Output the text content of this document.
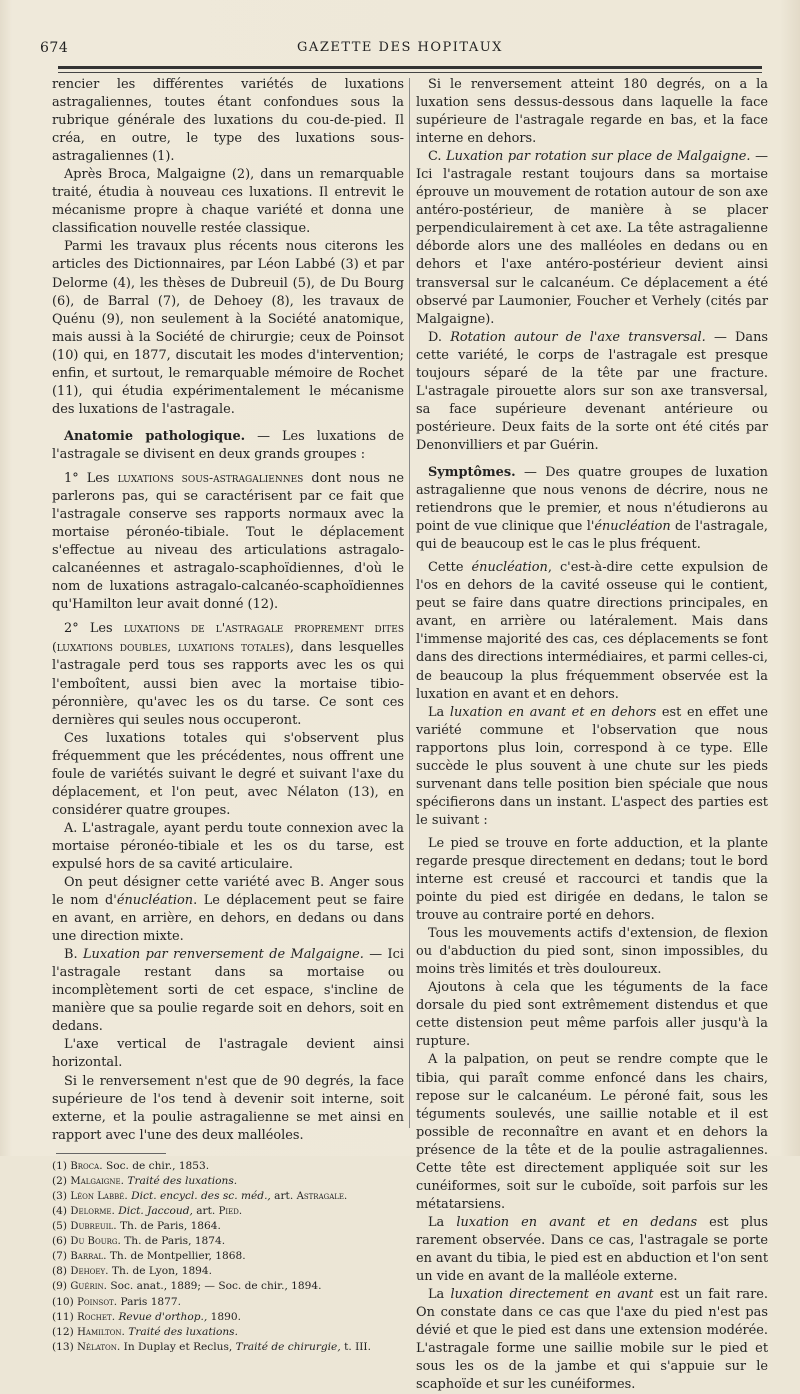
674	GAZETTE DES HOPITAUX

rencier les différentes variétés de luxations astragaliennes, toutes étant confondues sous la rubrique générale des luxations du cou-de-pied. Il créa, en outre, le type des luxations sous-astragaliennes (1).

Après Broca, Malgaigne (2), dans un remarquable traité, étudia à nouveau ces luxations. Il entrevit le mécanisme propre à chaque variété et donna une classification nouvelle restée classique.

Parmi les travaux plus récents nous citerons les articles des Dictionnaires, par Léon Labbé (3) et par Delorme (4), les thèses de Dubreuil (5), de Du Bourg (6), de Barral (7), de Dehoey (8), les travaux de Quénu (9), non seulement à la Société anatomique, mais aussi à la Société de chirurgie; ceux de Poinsot (10) qui, en 1877, discutait les modes d'intervention; enfin, et surtout, le remarquable mémoire de Rochet (11), qui étudia expérimentalement le mécanisme des luxations de l'astragale.

Anatomie pathologique. — Les luxations de l'astragale se divisent en deux grands groupes :

1° Les luxations sous-astragaliennes dont nous ne parlerons pas, qui se caractérisent par ce fait que l'astragale conserve ses rapports normaux avec la mortaise péronéo-tibiale. Tout le déplacement s'effectue au niveau des articulations astragalo-calcanéennes et astragalo-scaphoïdiennes, d'où le nom de luxations astragalo-calcanéo-scaphoïdiennes qu'Hamilton leur avait donné (12).

2° Les luxations de l'astragale proprement dites (luxations doubles, luxations totales), dans lesquelles l'astragale perd tous ses rapports avec les os qui l'emboîtent, aussi bien avec la mortaise tibio-péronnière, qu'avec les os du tarse. Ce sont ces dernières qui seules nous occuperont.

Ces luxations totales qui s'observent plus fréquemment que les précédentes, nous offrent une foule de variétés suivant le degré et suivant l'axe du déplacement, et l'on peut, avec Nélaton (13), en considérer quatre groupes.

A. L'astragale, ayant perdu toute connexion avec la mortaise péronéo-tibiale et les os du tarse, est expulsé hors de sa cavité articulaire.

On peut désigner cette variété avec B. Anger sous le nom d'énucléation. Le déplacement peut se faire en avant, en arrière, en dehors, en dedans ou dans une direction mixte.

B. Luxation par renversement de Malgaigne. — Ici l'astragale restant dans sa mortaise ou incomplètement sorti de cet espace, s'incline de manière que sa poulie regarde soit en dehors, soit en dedans.

L'axe vertical de l'astragale devient ainsi horizontal.

Si le renversement n'est que de 90 degrés, la face supérieure de l'os tend à devenir soit interne, soit externe, et la poulie astragalienne se met ainsi en rapport avec l'une des deux malléoles.

(1) Broca. Soc. de chir., 1853.
(2) Malgaigne. Traité des luxations.
(3) Léon Labbé. Dict. encycl. des sc. méd., art. Astragale.
(4) Delorme. Dict. Jaccoud, art. Pied.
(5) Dubreuil. Th. de Paris, 1864.
(6) Du Bourg. Th. de Paris, 1874.
(7) Barral. Th. de Montpellier, 1868.
(8) Dehoey. Th. de Lyon, 1894.
(9) Guérin. Soc. anat., 1889; — Soc. de chir., 1894.
(10) Poinsot. Paris 1877.
(11) Rochet. Revue d'orthop., 1890.
(12) Hamilton. Traité des luxations.
(13) Nélaton. In Duplay et Reclus, Traité de chirurgie, t. III.

Si le renversement atteint 180 degrés, on a la luxation sens dessus-dessous dans laquelle la face supérieure de l'astragale regarde en bas, et la face interne en dehors.

C. Luxation par rotation sur place de Malgaigne. — Ici l'astragale restant toujours dans sa mortaise éprouve un mouvement de rotation autour de son axe antéro-postérieur, de manière à se placer perpendiculairement à cet axe. La tête astragalienne déborde alors une des malléoles en dedans ou en dehors et l'axe antéro-postérieur devient ainsi transversal sur le calcanéum. Ce déplacement a été observé par Laumonier, Foucher et Verhely (cités par Malgaigne).

D. Rotation autour de l'axe transversal. — Dans cette variété, le corps de l'astragale est presque toujours séparé de la tête par une fracture. L'astragale pirouette alors sur son axe transversal, sa face supérieure devenant antérieure ou postérieure. Deux faits de la sorte ont été cités par Denonvilliers et par Guérin.

Symptômes. — Des quatre groupes de luxation astragalienne que nous venons de décrire, nous ne retiendrons que le premier, et nous n'étudierons au point de vue clinique que l'énucléation de l'astragale, qui de beaucoup est le cas le plus fréquent.

Cette énucléation, c'est-à-dire cette expulsion de l'os en dehors de la cavité osseuse qui le contient, peut se faire dans quatre directions principales, en avant, en arrière ou latéralement. Mais dans l'immense majorité des cas, ces déplacements se font dans des directions intermédiaires, et parmi celles-ci, de beaucoup la plus fréquemment observée est la luxation en avant et en dehors.

La luxation en avant et en dehors est en effet une variété commune et l'observation que nous rapportons plus loin, correspond à ce type. Elle succède le plus souvent à une chute sur les pieds survenant dans telle position bien spéciale que nous spécifierons dans un instant. L'aspect des parties est le suivant :

Le pied se trouve en forte adduction, et la plante regarde presque directement en dedans; tout le bord interne est creusé et raccourci et tandis que la pointe du pied est dirigée en dedans, le talon se trouve au contraire porté en dehors.

Tous les mouvements actifs d'extension, de flexion ou d'abduction du pied sont, sinon impossibles, du moins très limités et très douloureux.

Ajoutons à cela que les téguments de la face dorsale du pied sont extrêmement distendus et que cette distension peut même parfois aller jusqu'à la rupture.

A la palpation, on peut se rendre compte que le tibia, qui paraît comme enfoncé dans les chairs, repose sur le calcanéum. Le péroné fait, sous les téguments soulevés, une saillie notable et il est possible de reconnaître en avant et en dehors la présence de la tête et de la poulie astragaliennes. Cette tête est directement appliquée soit sur les cunéiformes, soit sur le cuboïde, soit parfois sur les métatarsiens.

La luxation en avant et en dedans est plus rarement observée. Dans ce cas, l'astragale se porte en avant du tibia, le pied est en abduction et l'on sent un vide en avant de la malléole externe.

La luxation directement en avant est un fait rare. On constate dans ce cas que l'axe du pied n'est pas dévié et que le pied est dans une extension modérée. L'astragale forme une saillie mobile sur le pied et sous les os de la jambe et qui s'appuie sur le scaphoïde et sur les cunéiformes.
